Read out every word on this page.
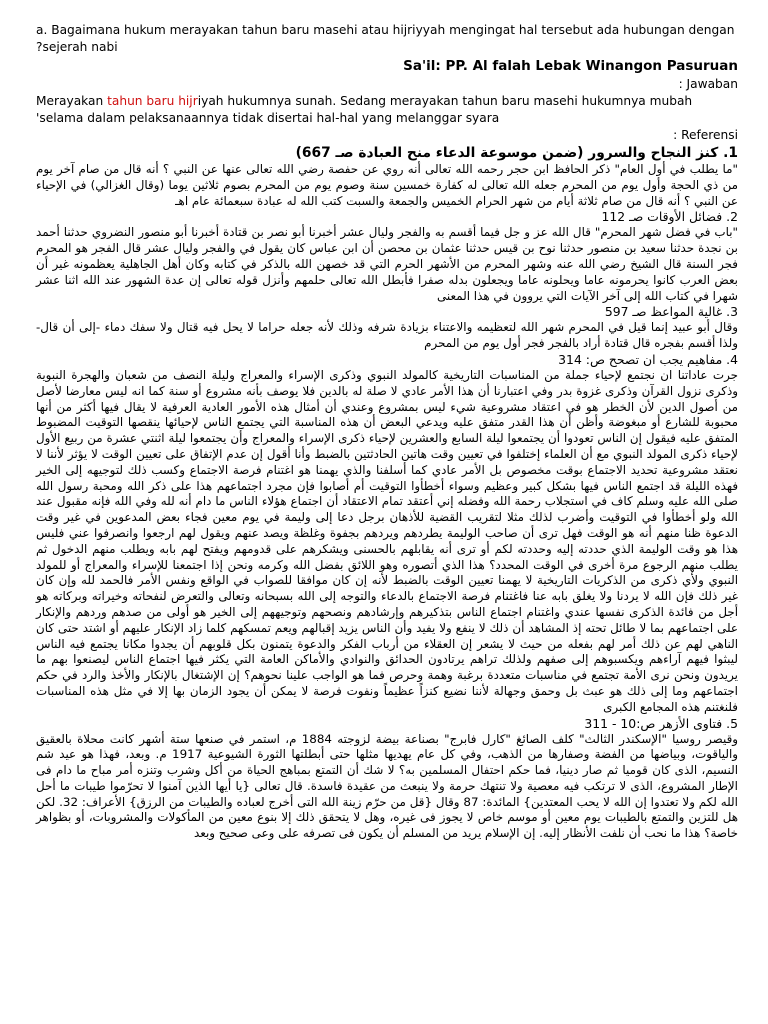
a. Bagaimana hukum merayakan tahun baru masehi atau hijriyyah mengingat hal tersebut ada hubungan dengan
?sejerah nabi
Sa'il: PP. Al falah Lebak Winangon Pasuruan
: Jawaban
Merayakan tahun baru hijriyah hukumnya sunah. Sedang merayakan tahun baru masehi hukumnya mubah
'selama dalam pelaksanaannya tidak disertai hal-hal yang melanggar syara
: Referensi

1. كنز النجاح والسرور (ضمن موسوعة الدعاء منح العبادة صـ 667)

"ما يطلب في أول العام" ذكر الحافظ ابن حجر رحمه الله تعالى أنه روي عن حفصة رضي الله تعالى عنها عن النبي ؟ أنه قال من صام آخر يوم من ذي الحجة وأول يوم من المحرم جعله الله تعالى له كفارة خمسين سنة وصوم يوم من المحرم بصوم ثلاثين يوما (وقال الغزالي) في الإحياء عن النبي ؟ أنه قال من صام ثلاثة أيام من شهر الحرام الخميس والجمعة والسبت كتب الله له عبادة سبعمائة عام اهـ

2. فضائل الأوقات صـ 112

"باب في فضل شهر المحرم" قال الله عز و جل فيما أقسم به والفجر وليال عشر أخبرنا أبو نصر بن قتادة أخبرنا أبو منصور النضروي حدثنا أحمد بن نجدة حدثنا سعيد بن منصور حدثنا نوح بن قيس حدثنا عثمان بن محصن أن ابن عباس كان يقول في والفجر وليال عشر قال الفجر هو المحرم فجر السنة قال الشيخ رضي الله عنه وشهر المحرم من الأشهر الحرم التي قد خصهن الله بالذكر في كتابه وكان أهل الجاهلية يعظمونه غير أن بعض العرب كانوا يحرمونه عاما ويحلونه عاما ويجعلون بدله صفرا فأبطل الله تعالى حلمهم وأنزل قوله تعالى إن عدة الشهور عند الله اثنا عشر شهرا في كتاب الله إلى آخر الآيات التي يروون في هذا المعنى

3. غالية المواعظ صـ 597

وقال أبو عبيد إنما قيل في المحرم شهر الله لتعظيمه والاعتناء بزيادة شرفه وذلك لأنه جعله حراما لا يحل فيه قتال ولا سفك دماء -إلى أن قال- ولذا أقسم بفجره قال قتادة أراد بالفجر فجر أول يوم من المحرم

4. مفاهيم يجب ان تصحح ص: 314

جرت عاداتنا ان نجتمع لإحياء جملة من المناسبات التاريخية كالمولد النبوي وذكرى الإسراء والمعراج وليلة النصف من شعبان والهجرة النبوية وذكرى نزول القرآن وذكرى غزوة بدر وفي اعتبارنا أن هذا الأمر عادي لا صلة له بالدين فلا يوصف بأنه مشروع أو سنة كما انه ليس معارضا لأصل من أصول الدين لأن الخطر هو في اعتقاد مشروعية شيء ليس بمشروع وعندي أن أمثال هذه الأمور العادية العرفية لا يقال فيها أكثر من أنها محبوبة للشارع أو مبغوضة وأظن أن هذا القدر متفق عليه ويدعي البعض أن هذه المناسبة التي يجتمع الناس لإحيائها ينقصها التوقيت المضبوط المتفق عليه فيقول إن الناس تعودوا أن يجتمعوا ليلة السابع والعشرين لإحياء ذكرى الإسراء والمعراج وأن يجتمعوا ليلة اثنتي عشرة من ربيع الأول لإحياء ذكرى المولد النبوي مع أن العلماء إختلفوا في تعيين وقت هاتين الحادثتين بالضبط وأنا أقول إن عدم الإتفاق على تعيين الوقت لا يؤثر لأننا لا نعتقد مشروعية تحديد الاجتماع بوقت مخصوص بل الأمر عادي كما أسلفنا والذي يهمنا هو اغتنام فرصة الاجتماع وكسب ذلك لتوجيهه إلى الخير فهذه الليلة قد اجتمع الناس فيها بشكل كبير وعظيم وسواء أخطأوا التوقيت أم أصابوا فإن مجرد اجتماعهم هذا على ذكر الله ومحبة رسول الله صلى الله عليه وسلم كاف في استجلاب رحمة الله وفضله إني أعتقد تمام الاعتقاد أن اجتماع هؤلاء الناس ما دام أنه لله وفي الله فإنه مقبول عند الله ولو أخطأوا في التوقيت وأضرب لذلك مثلا لتقريب القضية للأذهان برجل دعا إلى وليمة في يوم معين فجاء بعض المدعوين في غير وقت الدعوة ظنا منهم أنه هو الوقت فهل ترى أن صاحب الوليمة يطردهم ويردهم بجفوة وغلظة ويصد عنهم ويقول لهم ارجعوا وانصرفوا عني فليس هذا هو وقت الوليمة الذي حددته إليه وحددته لكم أو ترى أنه يقابلهم بالحسنى ويشكرهم على قدومهم ويفتح لهم بابه ويطلب منهم الدخول ثم يطلب منهم الرجوع مرة أخرى في الوقت المحدد؟ هذا الذي أتصوره وهو اللائق بفضل الله وكرمه ونحن إذا اجتمعنا للإسراء والمعراج أو للمولد النبوي ولأي ذكرى من الذكريات التاريخية لا يهمنا تعيين الوقت بالضبط لأنه إن كان موافقا للصواب في الواقع ونفس الأمر فالحمد لله وإن كان غير ذلك فإن الله لا يردنا ولا يغلق بابه عنا فاغتنام فرصة الاجتماع بالدعاء والتوجه إلى الله بسبحانه وتعالى والتعرض لنفحاته وخيراته وبركاته هو أجل من فائدة الذكرى نفسها عندي واغتنام اجتماع الناس بتذكيرهم وإرشادهم ونصحهم وتوجيههم إلى الخير هو أولى من صدهم وردهم والإنكار على اجتماعهم بما لا طائل تحته إذ المشاهد أن ذلك لا ينفع ولا يفيد وأن الناس يزيد إقبالهم ويعم تمسكهم كلما زاد الإنكار عليهم أو اشتد حتى كان الناهي لهم عن ذلك أمر لهم بفعله من حيث لا يشعر إن العقلاء من أرباب الفكر والدعوة يتمنون بكل قلوبهم أن يجدوا مكانا يجتمع فيه الناس ليبثوا فيهم آراءهم ويكسبوهم إلى صفهم ولذلك تراهم يرتادون الحدائق والنوادي والأماكن العامة التي يكثر فيها اجتماع الناس ليصنعوا بهم ما يريدون ونحن نرى الأمة تجتمع في مناسبات متعددة برغبة وهمة وحرص فما هو الواجب علينا نحوهم؟ إن الإشتغال بالإنكار والأخذ والرد في حكم اجتماعهم وما إلى ذلك هو عبث بل وحمق وجهالة لأننا نضيع كنزاً عظيماً ونفوت فرصة لا يمكن أن يجود الزمان بها إلا في مثل هذه المناسبات فلنغتنم هذه المجامع الكبرى

5. فتاوى الأزهر ص:10 - 311

وقيصر روسيا "الإسكندر الثالث" كلف الصائغ "كارل فابرج" بصناعة بيضة لزوجته 1884 م، استمر في صنعها ستة أشهر كانت محلاة بالعقيق والياقوت، وبياضها من الفضة وصفارها من الذهب، وفي كل عام يهديها مثلها حتى أبطلتها الثورة الشيوعية 1917 م. وبعد، فهذا هو عيد شم النسيم، الذى كان قوميا ثم صار دينيا، فما حكم احتفال المسلمين به؟ لا شك أن التمتع بمباهج الحياة من أكل وشرب وتنزه أمر مباح ما دام فى الإطار المشروع، الذى لا ترتكب فيه معصية ولا تنتهك حرمة ولا ينبعث من عقيدة فاسدة. قال تعالى {يا أيها الذين آمنوا لا تحرّموا طيبات ما أحل الله لكم ولا تعتدوا إن الله لا يحب المعتدين} المائدة: 87 وقال {قل من حرّم زينة الله التى أخرج لعباده والطيبات من الرزق} الأعراف: 32. لكن هل للتزين والتمتع بالطيبات يوم معين أو موسم خاص لا يجوز فى غيره، وهل لا يتحقق ذلك إلا بنوع معين من المأكولات والمشروبات، أو بظواهر خاصة؟ هذا ما نحب أن نلفت الأنظار إليه. إن الإسلام يريد من المسلم أن يكون فى تصرفه على وعى صحيح وبعد
